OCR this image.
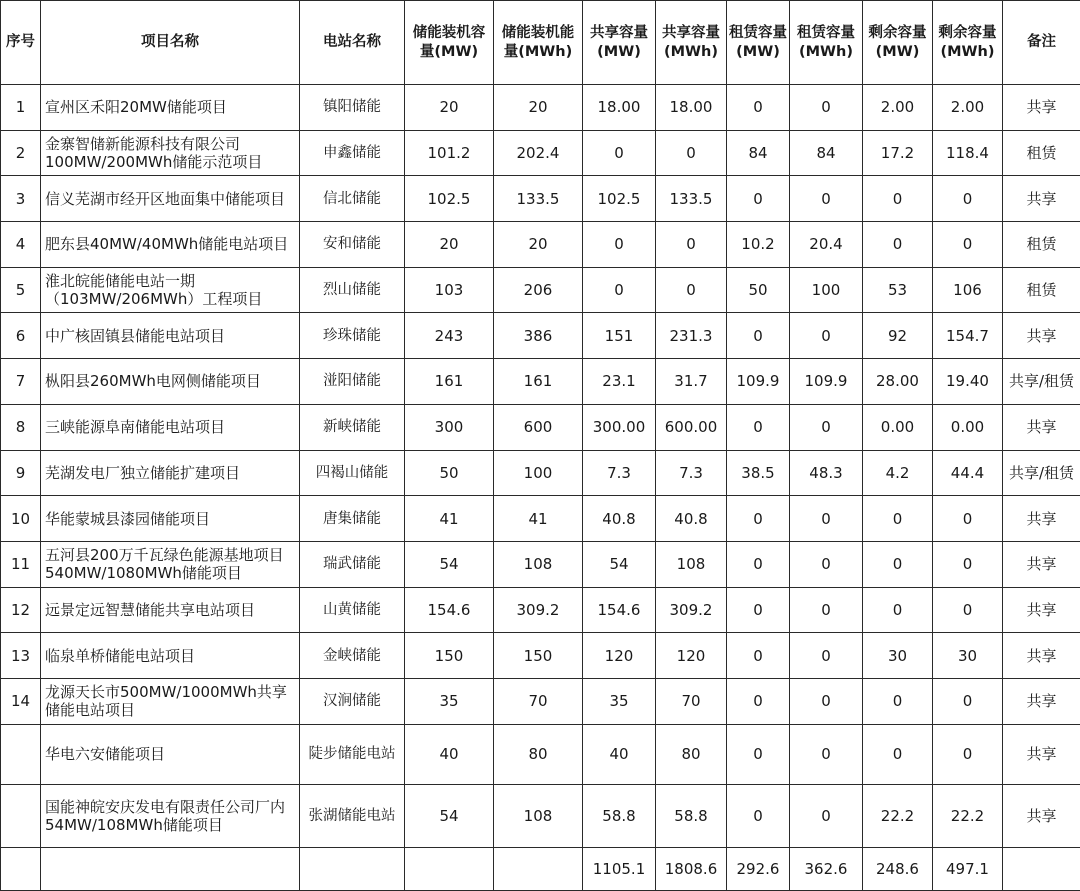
序号	项目名称	电站名称	储能装机容量(MW)	储能装机能量(MWh)	共享容量(MW)	共享容量(MWh)	租赁容量(MW)	租赁容量(MWh)	剩余容量(MW)	剩余容量(MWh)	备注
1	宣州区禾阳20MW储能项目	镇阳储能	20	20	18.00	18.00	0	0	2.00	2.00	共享
2	金寨智储新能源科技有限公司100MW/200MWh储能示范项目	申鑫储能	101.2	202.4	0	0	84	84	17.2	118.4	租赁
3	信义芜湖市经开区地面集中储能项目	信北储能	102.5	133.5	102.5	133.5	0	0	0	0	共享
4	肥东县40MW/40MWh储能电站项目	安和储能	20	20	0	0	10.2	20.4	0	0	租赁
5	淮北皖能储能电站一期（103MW/206MWh）工程项目	烈山储能	103	206	0	0	50	100	53	106	租赁
6	中广核固镇县储能电站项目	珍珠储能	243	386	151	231.3	0	0	92	154.7	共享
7	枞阳县260MWh电网侧储能项目	湴阳储能	161	161	23.1	31.7	109.9	109.9	28.00	19.40	共享/租赁
8	三峡能源阜南储能电站项目	新峡储能	300	600	300.00	600.00	0	0	0.00	0.00	共享
9	芜湖发电厂独立储能扩建项目	四褐山储能	50	100	7.3	7.3	38.5	48.3	4.2	44.4	共享/租赁
10	华能蒙城县漆园储能项目	唐集储能	41	41	40.8	40.8	0	0	0	0	共享
11	五河县200万千瓦绿色能源基地项目540MW/1080MWh储能项目	瑞武储能	54	108	54	108	0	0	0	0	共享
12	远景定远智慧储能共享电站项目	山黄储能	154.6	309.2	154.6	309.2	0	0	0	0	共享
13	临泉单桥储能电站项目	金峡储能	150	150	120	120	0	0	30	30	共享
14	龙源天长市500MW/1000MWh共享储能电站项目	汉涧储能	35	70	35	70	0	0	0	0	共享
	华电六安储能项目	陡步储能电站	40	80	40	80	0	0	0	0	共享
	国能神皖安庆发电有限责任公司厂内54MW/108MWh储能项目	张湖储能电站	54	108	58.8	58.8	0	0	22.2	22.2	共享
					1105.1	1808.6	292.6	362.6	248.6	497.1	
